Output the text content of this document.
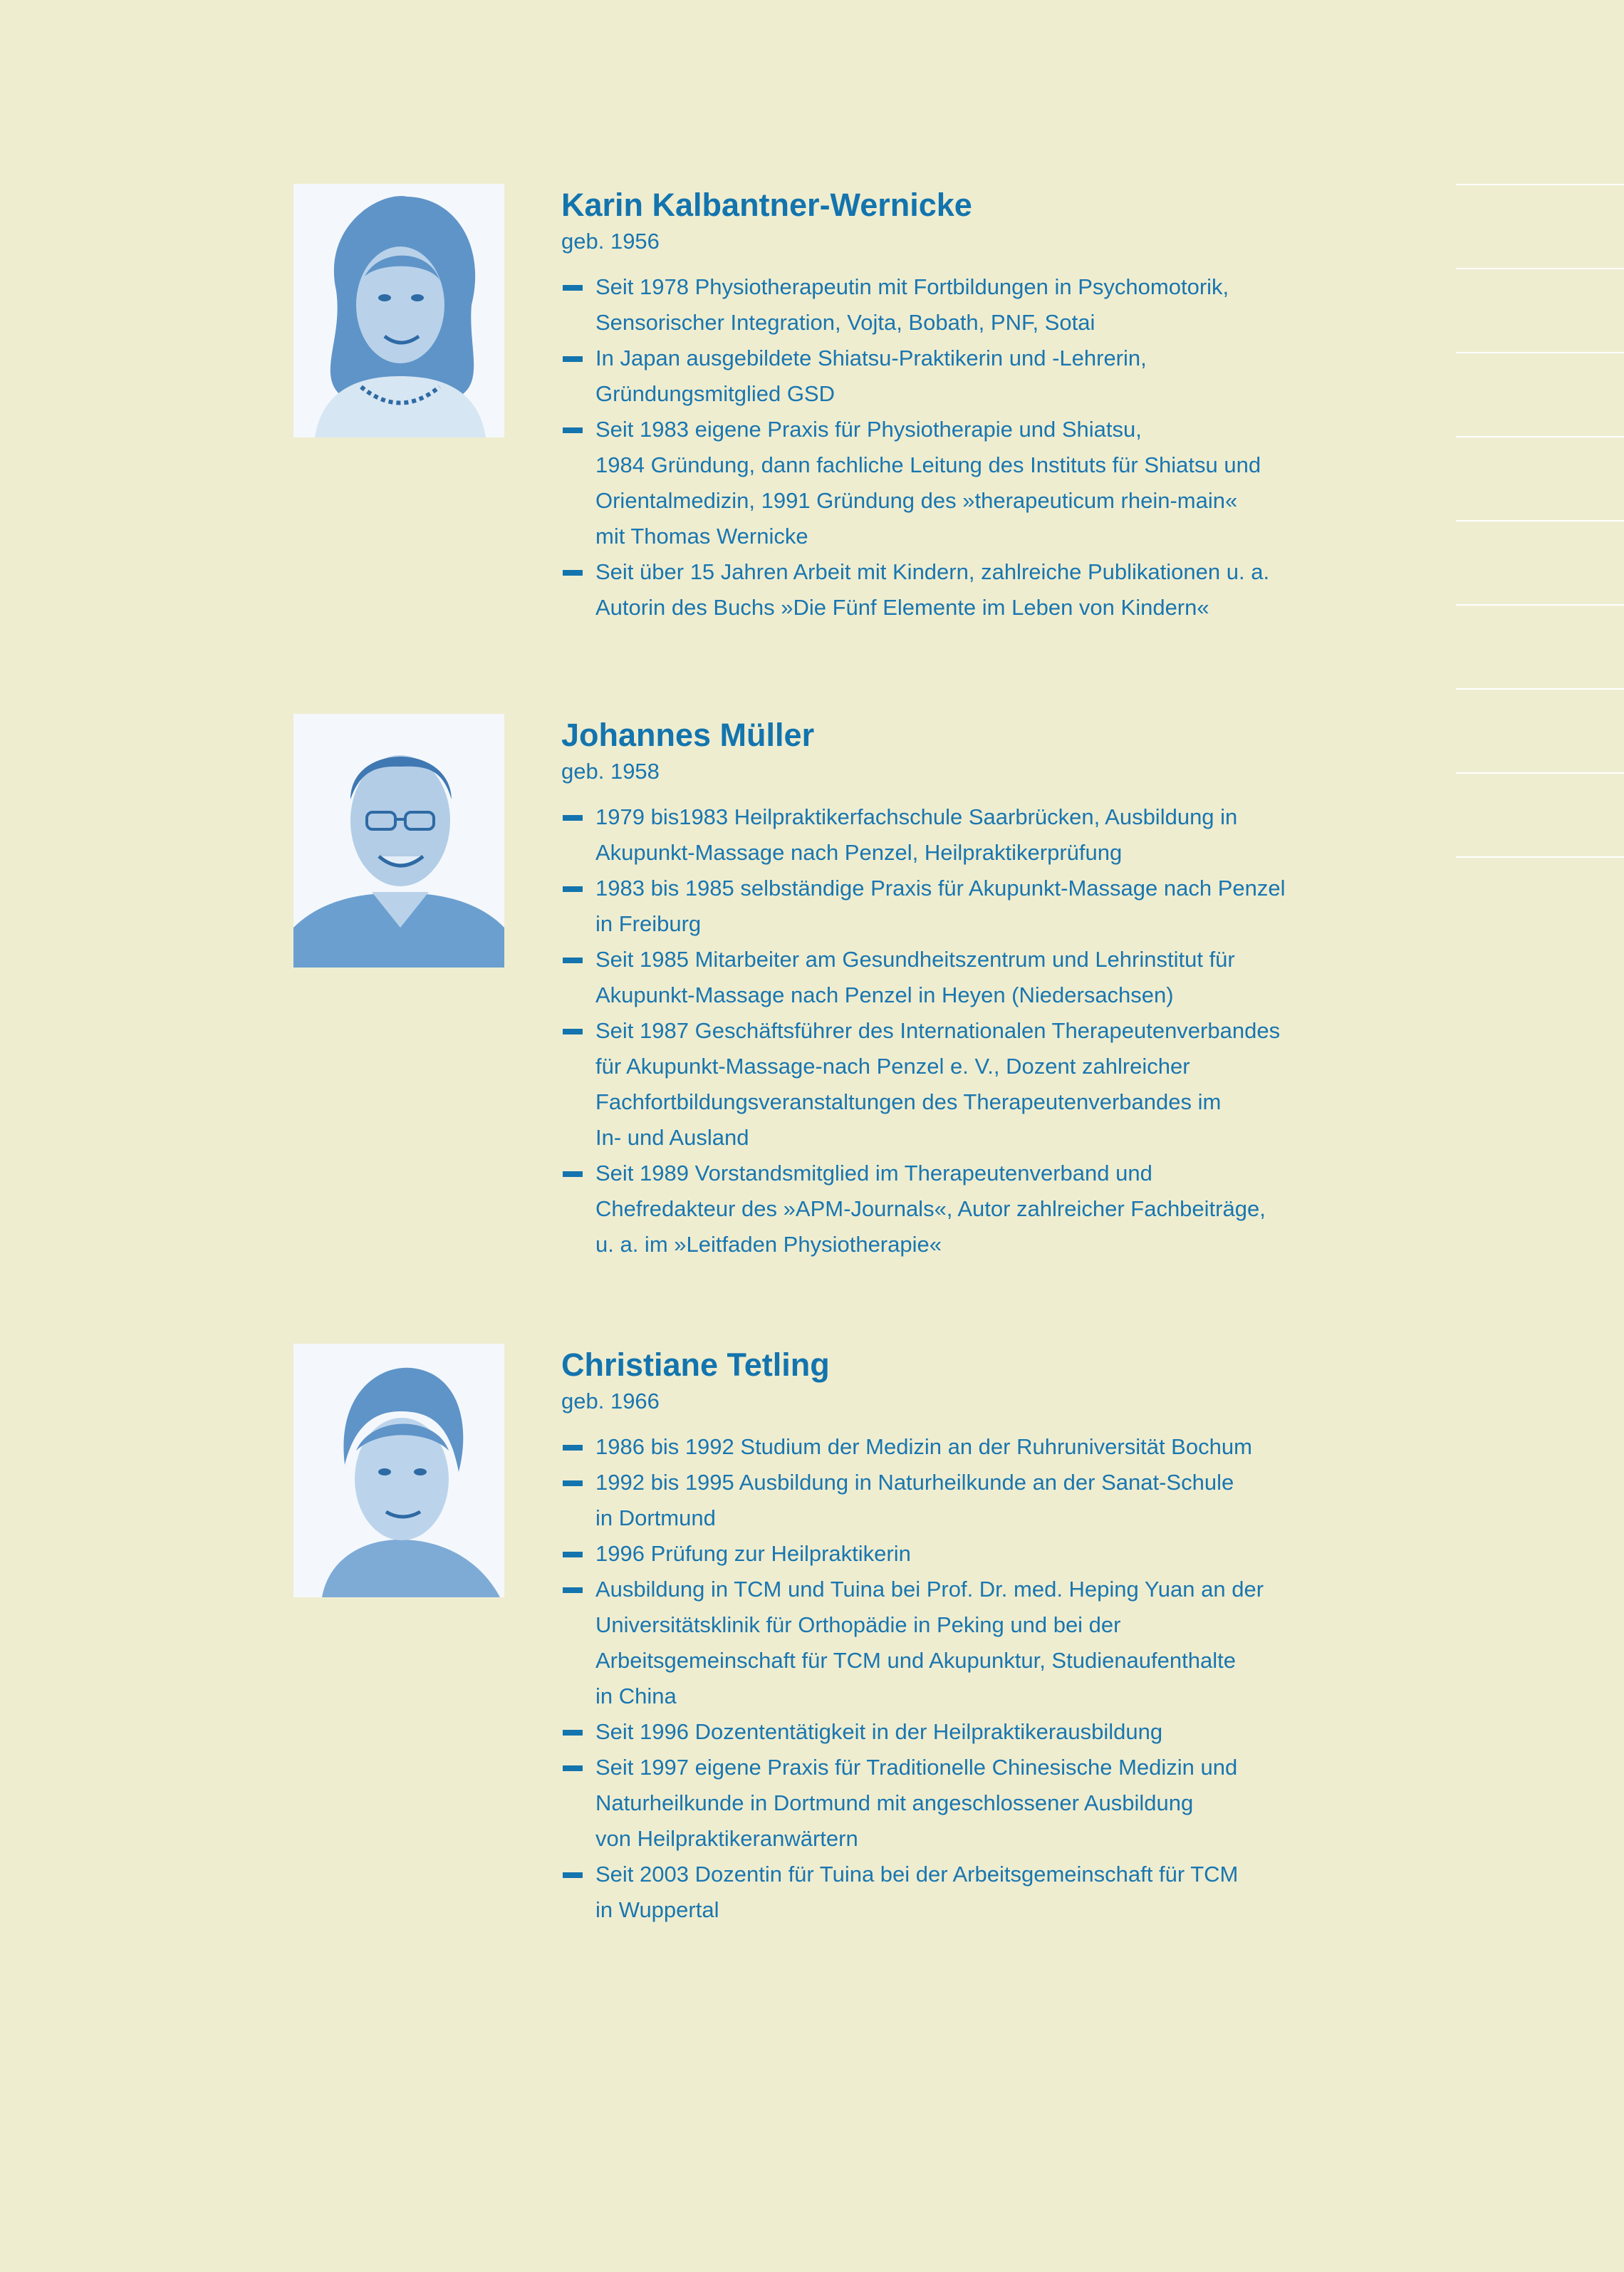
Karin Kalbantner-Wernicke

geb. 1956

Seit 1978 Physiotherapeutin mit Fortbildungen in Psychomotorik,
Sensorischer Integration, Vojta, Bobath, PNF, Sotai
In Japan ausgebildete Shiatsu-Praktikerin und -Lehrerin,
Gründungsmitglied GSD
Seit 1983 eigene Praxis für Physiotherapie und Shiatsu,
1984 Gründung, dann fachliche Leitung des Instituts für Shiatsu und
Orientalmedizin, 1991 Gründung des »therapeuticum rhein-main«
mit Thomas Wernicke
Seit über 15 Jahren Arbeit mit Kindern, zahlreiche Publikationen u. a.
Autorin des Buchs »Die Fünf Elemente im Leben von Kindern«
Johannes Müller

geb. 1958

1979 bis1983 Heilpraktikerfachschule Saarbrücken, Ausbildung in
Akupunkt-Massage nach Penzel, Heilpraktikerprüfung
1983 bis 1985 selbständige Praxis für Akupunkt-Massage nach Penzel
in Freiburg
Seit 1985 Mitarbeiter am Gesundheitszentrum und Lehrinstitut für
Akupunkt-Massage nach Penzel in Heyen (Niedersachsen)
Seit 1987 Geschäftsführer des Internationalen Therapeutenverbandes
für Akupunkt-Massage-nach Penzel e. V., Dozent zahlreicher
Fachfortbildungsveranstaltungen des Therapeutenverbandes im
In- und Ausland
Seit 1989 Vorstandsmitglied im Therapeutenverband und
Chefredakteur des »APM-Journals«, Autor zahlreicher Fachbeiträge,
u. a. im »Leitfaden Physiotherapie«
Christiane Tetling

geb. 1966

1986 bis 1992 Studium der Medizin an der Ruhruniversität Bochum
1992 bis 1995 Ausbildung in Naturheilkunde an der Sanat-Schule
in Dortmund
1996 Prüfung zur Heilpraktikerin
Ausbildung in TCM und Tuina bei Prof. Dr. med. Heping Yuan an der
Universitätsklinik für Orthopädie in Peking und bei der
Arbeitsgemeinschaft für TCM und Akupunktur, Studienaufenthalte
in China
Seit 1996 Dozententätigkeit in der Heilpraktikerausbildung
Seit 1997 eigene Praxis für Traditionelle Chinesische Medizin und
Naturheilkunde in Dortmund mit angeschlossener Ausbildung
von Heilpraktikeranwärtern
Seit 2003 Dozentin für Tuina bei der Arbeitsgemeinschaft für TCM
in Wuppertal
